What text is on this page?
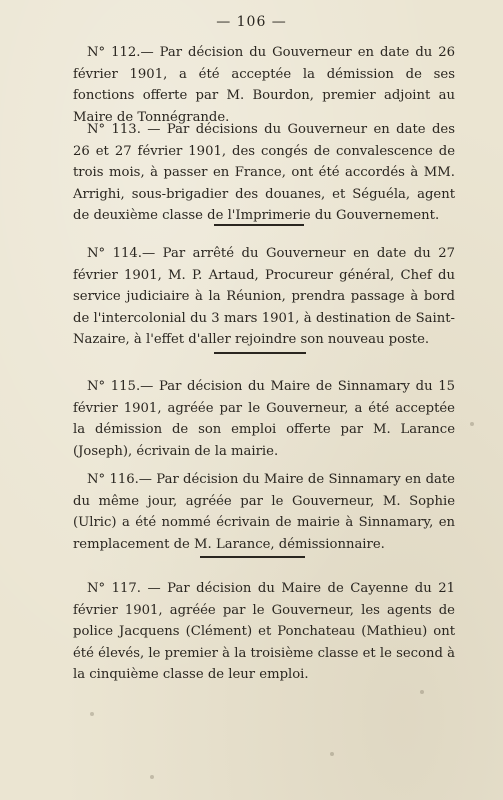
— 106 —

N° 112.— Par décision du Gouverneur en date du 26 février 1901, a été acceptée la démission de ses fonctions offerte par M. Bourdon, premier adjoint au Maire de Tonnégrande.

N° 113. — Par décisions du Gouverneur en date des 26 et 27 février 1901, des congés de convalescence de trois mois, à passer en France, ont été accordés à MM. Arrighi, sous-brigadier des douanes, et Séguéla, agent de deuxième classe de l'Imprimerie du Gouvernement.

N° 114.— Par arrêté du Gouverneur en date du 27 février 1901, M. P. Artaud, Procureur général, Chef du service judiciaire à la Réunion, prendra passage à bord de l'intercolonial du 3 mars 1901, à destination de Saint-Nazaire, à l'effet d'aller rejoindre son nouveau poste.

N° 115.— Par décision du Maire de Sinnamary du 15 février 1901, agréée par le Gouverneur, a été acceptée la démission de son emploi offerte par M. Larance (Joseph), écrivain de la mairie.

N° 116.— Par décision du Maire de Sinnamary en date du même jour, agréée par le Gouverneur, M. Sophie (Ulric) a été nommé écrivain de mairie à Sinnamary, en remplacement de M. Larance, démissionnaire.

N° 117. — Par décision du Maire de Cayenne du 21 février 1901, agréée par le Gouverneur, les agents de police Jacquens (Clément) et Ponchateau (Mathieu) ont été élevés, le premier à la troisième classe et le second à la cinquième classe de leur emploi.
